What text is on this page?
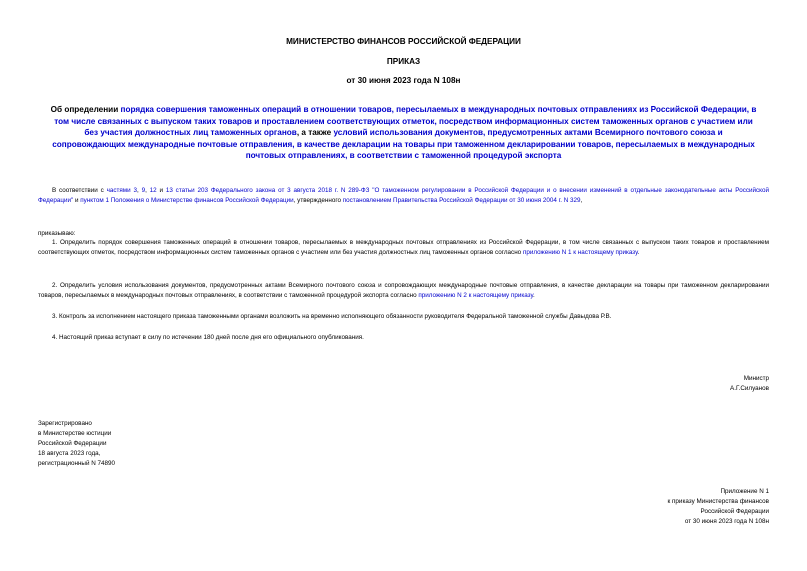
МИНИСТЕРСТВО ФИНАНСОВ РОССИЙСКОЙ ФЕДЕРАЦИИ
ПРИКАЗ
от 30 июня 2023 года N 108н
Об определении порядка совершения таможенных операций в отношении товаров, пересылаемых в международных почтовых отправлениях из Российской Федерации, в том числе связанных с выпуском таких товаров и проставлением соответствующих отметок, посредством информационных систем таможенных органов с участием или без участия должностных лиц таможенных органов, а также условий использования документов, предусмотренных актами Всемирного почтового союза и сопровождающих международные почтовые отправления, в качестве декларации на товары при таможенном декларировании товаров, пересылаемых в международных почтовых отправлениях, в соответствии с таможенной процедурой экспорта
В соответствии с частями 3, 9, 12 и 13 статьи 203 Федерального закона от 3 августа 2018 г. N 289-ФЗ "О таможенном регулировании в Российской Федерации и о внесении изменений в отдельные законодательные акты Российской Федерации" и пунктом 1 Положения о Министерстве финансов Российской Федерации, утвержденного постановлением Правительства Российской Федерации от 30 июня 2004 г. N 329,
приказываю:
1. Определить порядок совершения таможенных операций в отношении товаров, пересылаемых в международных почтовых отправлениях из Российской Федерации, в том числе связанных с выпуском таких товаров и проставлением соответствующих отметок, посредством информационных систем таможенных органов с участием или без участия должностных лиц таможенных органов согласно приложению N 1 к настоящему приказу.
2. Определить условия использования документов, предусмотренных актами Всемирного почтового союза и сопровождающих международные почтовые отправления, в качестве декларации на товары при таможенном декларировании товаров, пересылаемых в международных почтовых отправлениях, в соответствии с таможенной процедурой экспорта согласно приложению N 2 к настоящему приказу.
3. Контроль за исполнением настоящего приказа таможенными органами возложить на временно исполняющего обязанности руководителя Федеральной таможенной службы Давыдова Р.В.
4. Настоящий приказ вступает в силу по истечении 180 дней после дня его официального опубликования.
Министр
А.Г.Силуанов
Зарегистрировано
в Министерстве юстиции
Российской Федерации
18 августа 2023 года,
регистрационный N 74890
Приложение N 1
к приказу Министерства финансов
Российской Федерации
от 30 июня 2023 года N 108н
